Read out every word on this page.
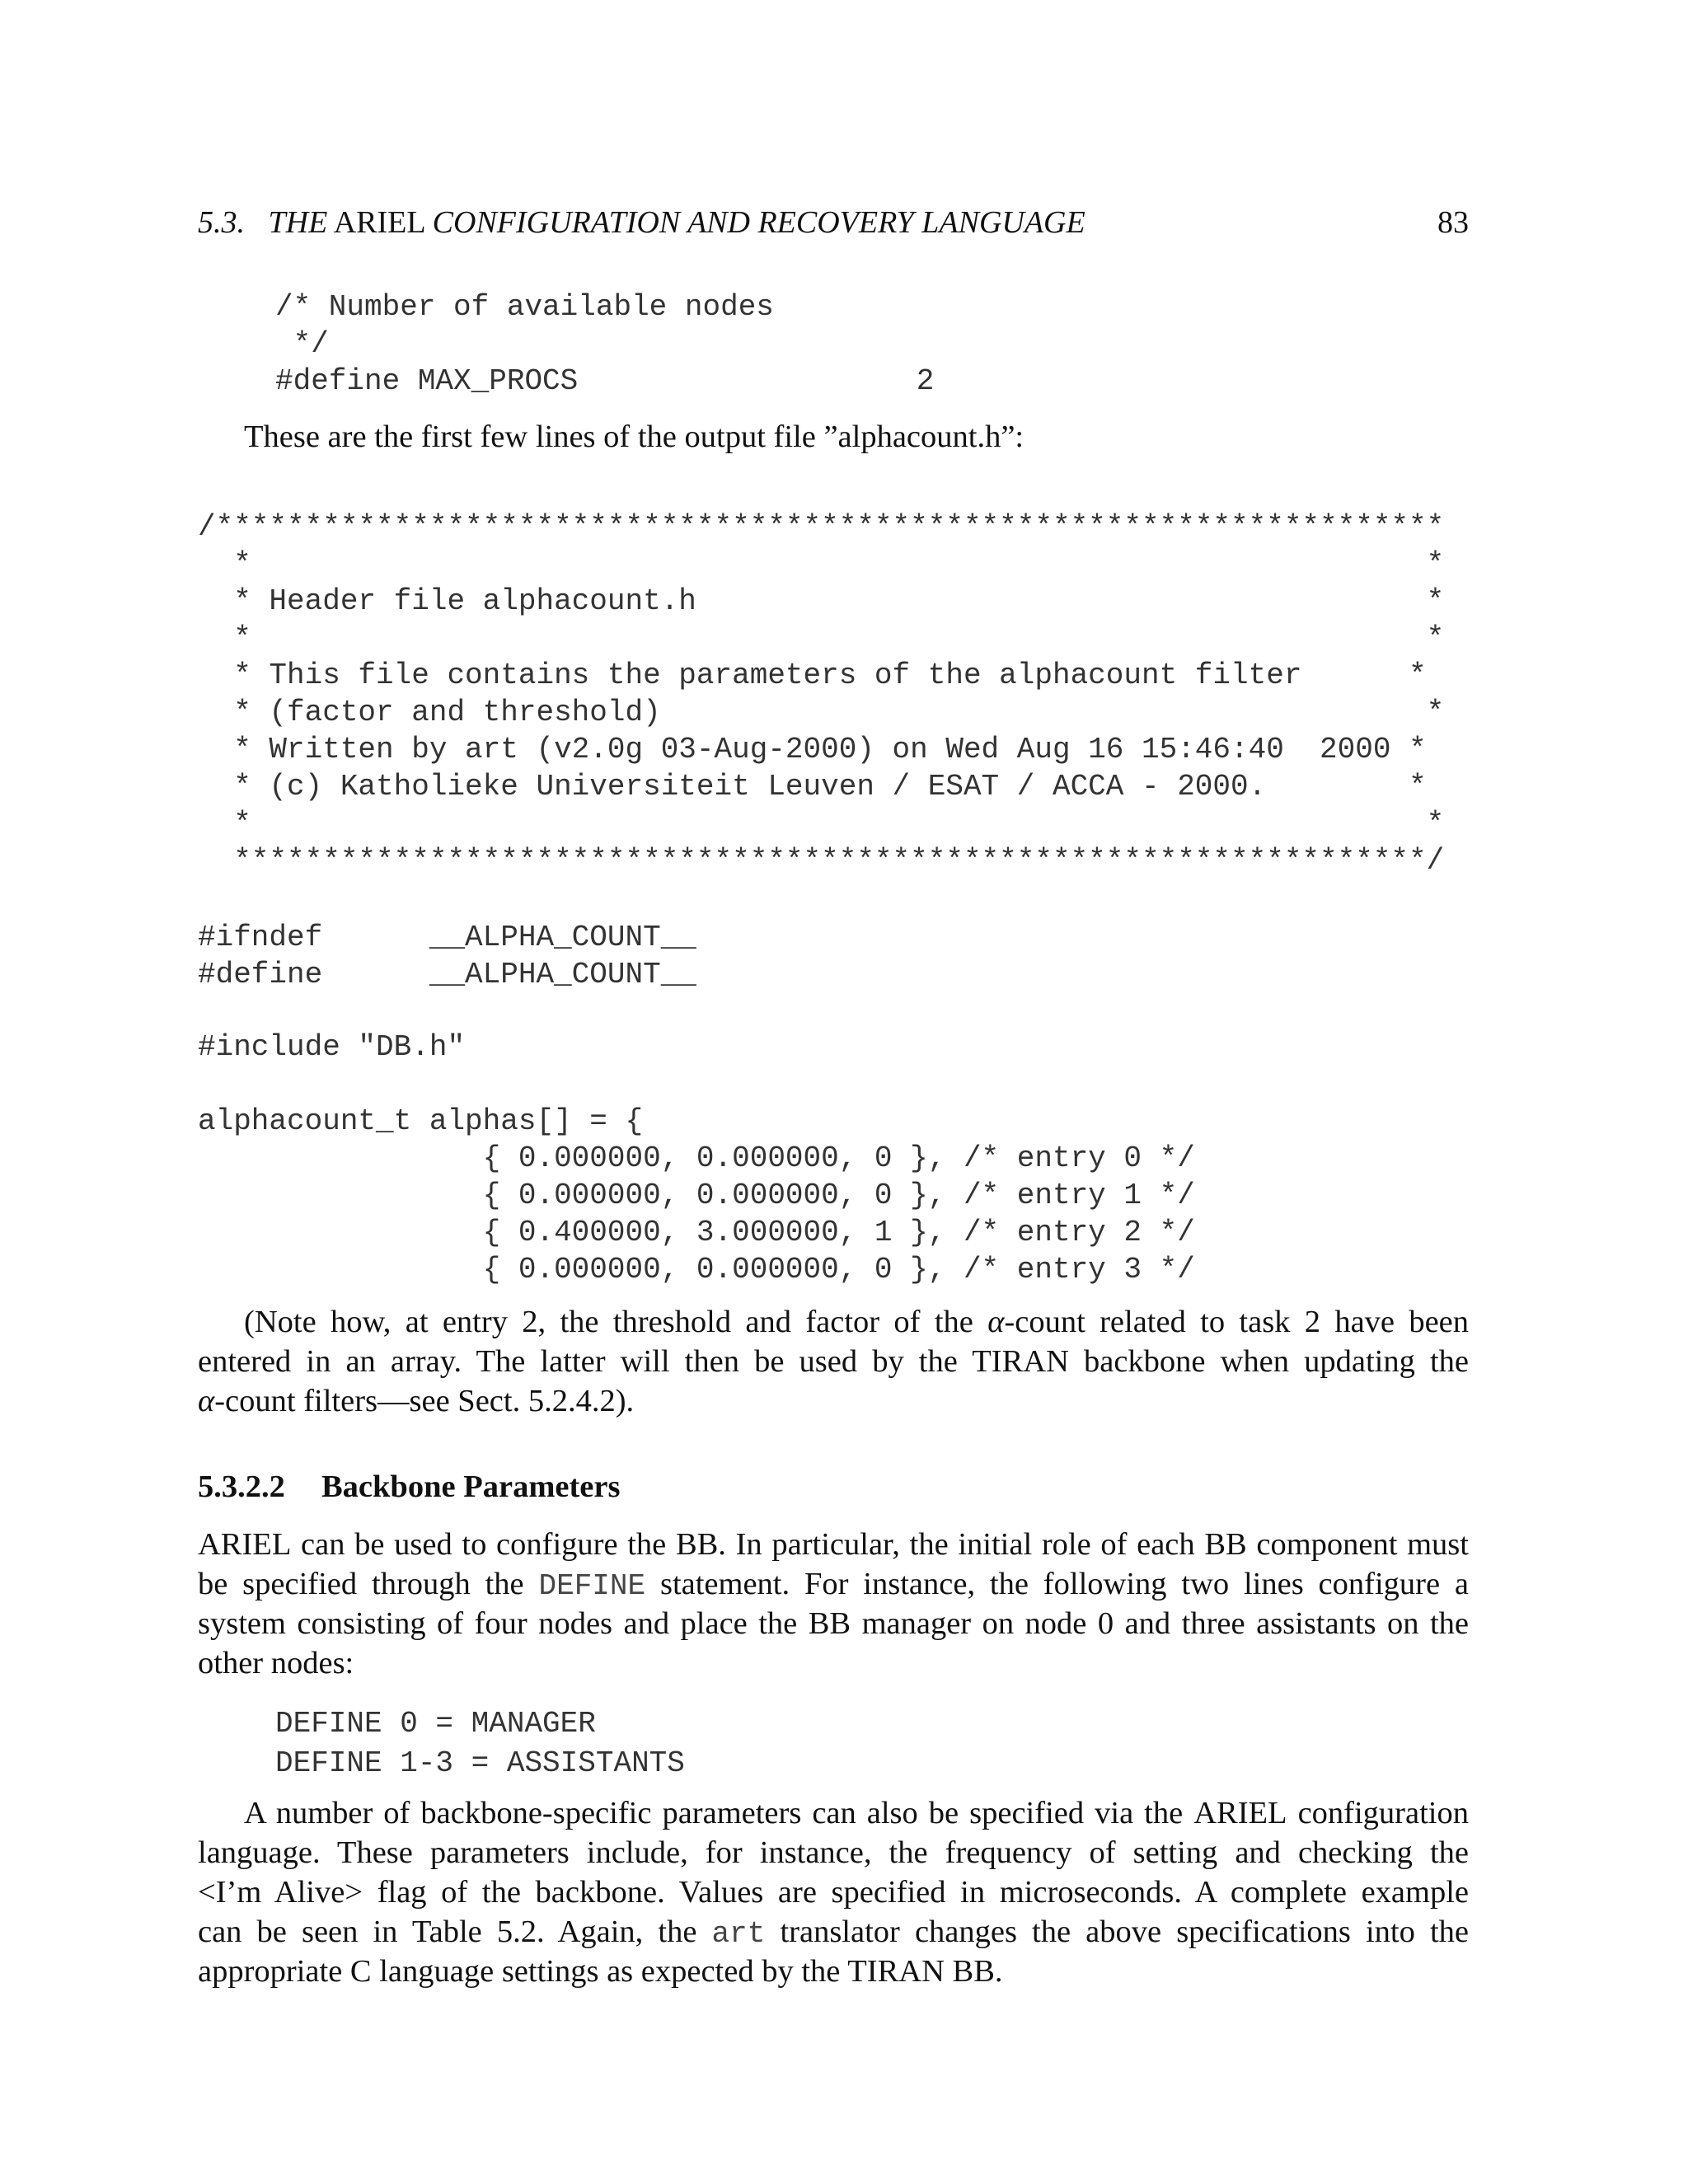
5.3. THE ARIEL CONFIGURATION AND RECOVERY LANGUAGE	83
/* Number of available nodes
*/
#define MAX_PROCS                   2

These are the first few lines of the output file ”alphacount.h”:

/*********************************************************************
*                                                                  *
* Header file alphacount.h                                         *
*                                                                  *
* This file contains the parameters of the alphacount filter      *
* (factor and threshold)                                           *
* Written by art (v2.0g 03-Aug-2000) on Wed Aug 16 15:46:40  2000 *
* (c) Katholieke Universiteit Leuven / ESAT / ACCA - 2000.        *
*                                                                  *
*******************************************************************/
#ifndef      __ALPHA_COUNT__
#define      __ALPHA_COUNT__
#include "DB.h"
alphacount_t alphas[] = {
{ 0.000000, 0.000000, 0 }, /* entry 0 */
{ 0.000000, 0.000000, 0 }, /* entry 1 */
{ 0.400000, 3.000000, 1 }, /* entry 2 */
{ 0.000000, 0.000000, 0 }, /* entry 3 */
(Note how, at entry 2, the threshold and factor of the α-count related to task 2 have been
entered in an array. The latter will then be used by the TIRAN backbone when updating the
α-count filters—see Sect. 5.2.4.2).
5.3.2.2 Backbone Parameters
ARIEL can be used to configure the BB. In particular, the initial role of each BB component must
be specified through the DEFINE statement. For instance, the following two lines configure a
system consisting of four nodes and place the BB manager on node 0 and three assistants on the
other nodes:
DEFINE 0 = MANAGER
DEFINE 1-3 = ASSISTANTS
A number of backbone-specific parameters can also be specified via the ARIEL configuration
language. These parameters include, for instance, the frequency of setting and checking the
<I’m Alive> flag of the backbone. Values are specified in microseconds. A complete example
can be seen in Table 5.2. Again, the art translator changes the above specifications into the
appropriate C language settings as expected by the TIRAN BB.
